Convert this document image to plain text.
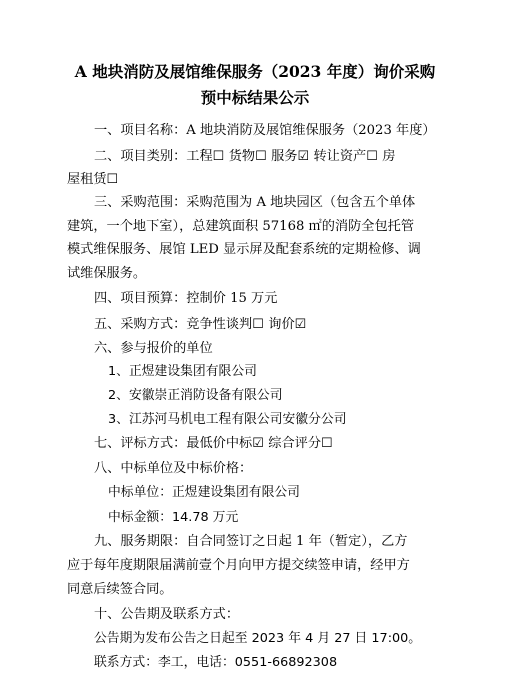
A 地块消防及展馆维保服务（2023 年度）询价采购
预中标结果公示
一、项目名称：A 地块消防及展馆维保服务（2023 年度）
二、项目类别：工程☐ 货物☐ 服务☑ 转让资产☐ 房
屋租赁☐
三、采购范围：采购范围为 A 地块园区（包含五个单体
建筑，一个地下室），总建筑面积 57168 ㎡的消防全包托管
模式维保服务、展馆 LED 显示屏及配套系统的定期检修、调
试维保服务。
四、项目预算：控制价 15 万元
五、采购方式：竞争性谈判☐ 询价☑
六、参与报价的单位
1、正煜建设集团有限公司
2、安徽崇正消防设备有限公司
3、江苏河马机电工程有限公司安徽分公司
七、评标方式：最低价中标☑ 综合评分☐
八、中标单位及中标价格：
中标单位：正煜建设集团有限公司
中标金额：14.78 万元
九、服务期限：自合同签订之日起 1 年（暂定），乙方
应于每年度期限届满前壹个月向甲方提交续签申请，经甲方
同意后续签合同。
十、公告期及联系方式：
公告期为发布公告之日起至 2023 年 4 月 27 日 17:00。
联系方式：李工，电话：0551-66892308
